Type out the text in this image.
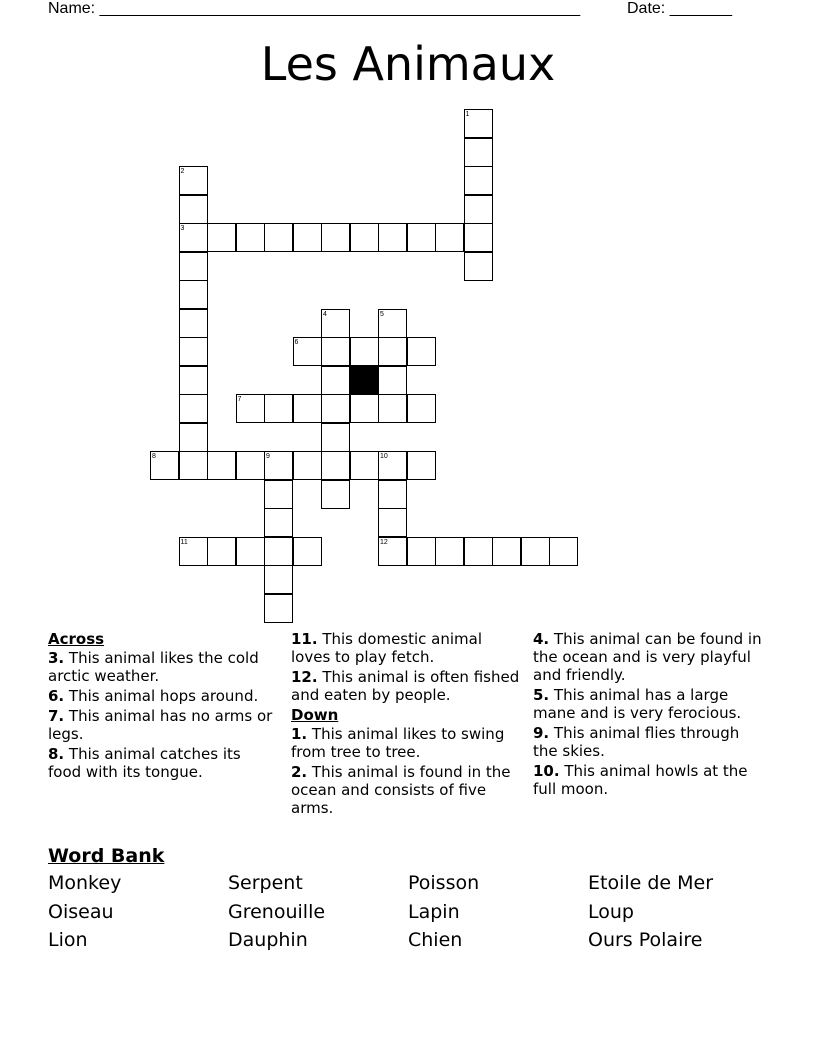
Name: ______________________________________________________	Date: _______
Les Animaux
1
2
3
4	5
6
7
8	9	10
11	12
Across
3. This animal likes the cold arctic weather.
6. This animal hops around.
7. This animal has no arms or legs.
8. This animal catches its food with its tongue.
11. This domestic animal loves to play fetch.
12. This animal is often fished and eaten by people.
Down
1. This animal likes to swing from tree to tree.
2. This animal is found in the ocean and consists of five arms.
4. This animal can be found in the ocean and is very playful and friendly.
5. This animal has a large mane and is very ferocious.
9. This animal flies through the skies.
10. This animal howls at the full moon.
Word Bank
Monkey	Serpent	Poisson	Etoile de Mer
Oiseau	Grenouille	Lapin	Loup
Lion	Dauphin	Chien	Ours Polaire
